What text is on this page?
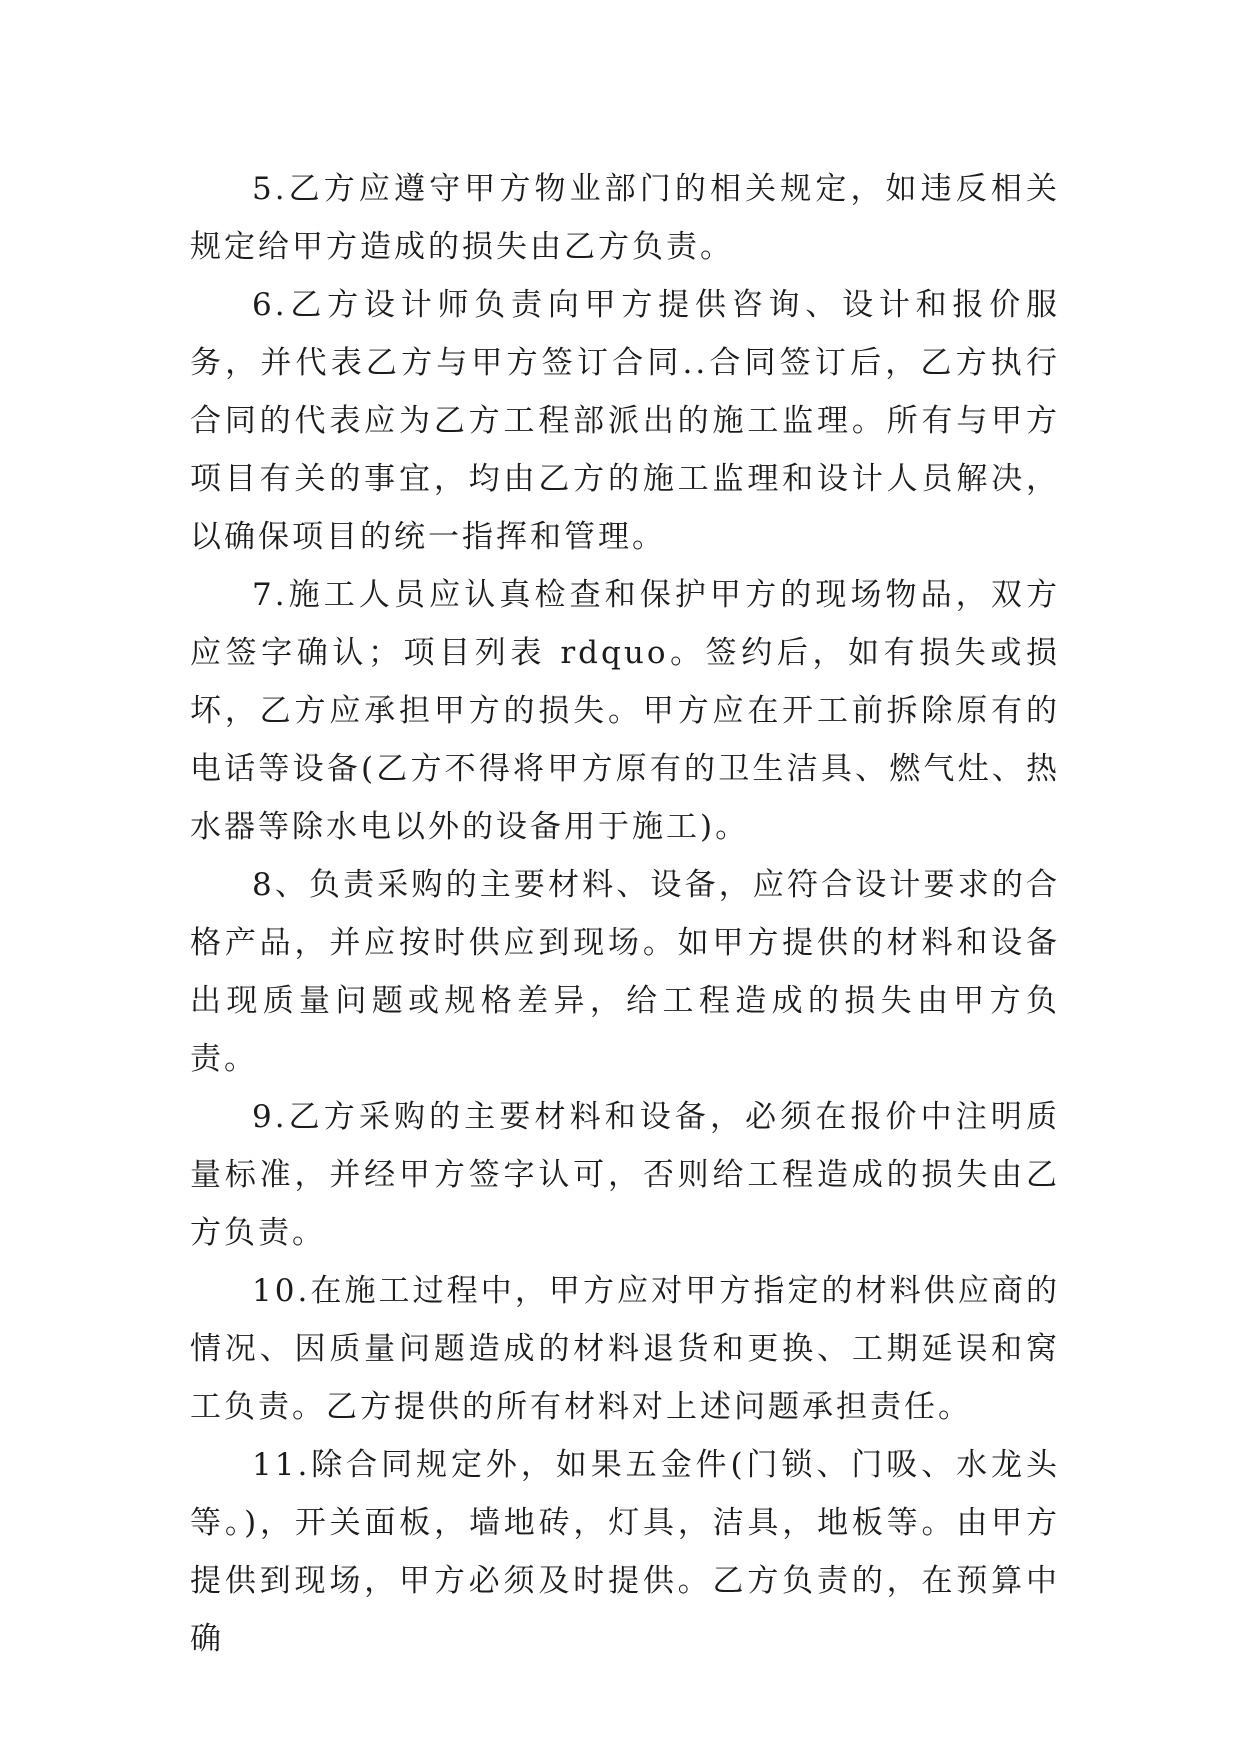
5.乙方应遵守甲方物业部门的相关规定，如违反相关规定给甲方造成的损失由乙方负责。

6.乙方设计师负责向甲方提供咨询、设计和报价服务，并代表乙方与甲方签订合同..合同签订后，乙方执行合同的代表应为乙方工程部派出的施工监理。所有与甲方项目有关的事宜，均由乙方的施工监理和设计人员解决，以确保项目的统一指挥和管理。

7.施工人员应认真检查和保护甲方的现场物品，双方应签字确认；项目列表 rdquo。签约后，如有损失或损坏，乙方应承担甲方的损失。甲方应在开工前拆除原有的电话等设备(乙方不得将甲方原有的卫生洁具、燃气灶、热水器等除水电以外的设备用于施工)。

8、负责采购的主要材料、设备，应符合设计要求的合格产品，并应按时供应到现场。如甲方提供的材料和设备出现质量问题或规格差异，给工程造成的损失由甲方负责。

9.乙方采购的主要材料和设备，必须在报价中注明质量标准，并经甲方签字认可，否则给工程造成的损失由乙方负责。

10.在施工过程中，甲方应对甲方指定的材料供应商的情况、因质量问题造成的材料退货和更换、工期延误和窝工负责。乙方提供的所有材料对上述问题承担责任。

11.除合同规定外，如果五金件(门锁、门吸、水龙头等。)，开关面板，墙地砖，灯具，洁具，地板等。由甲方提供到现场，甲方必须及时提供。乙方负责的，在预算中确
